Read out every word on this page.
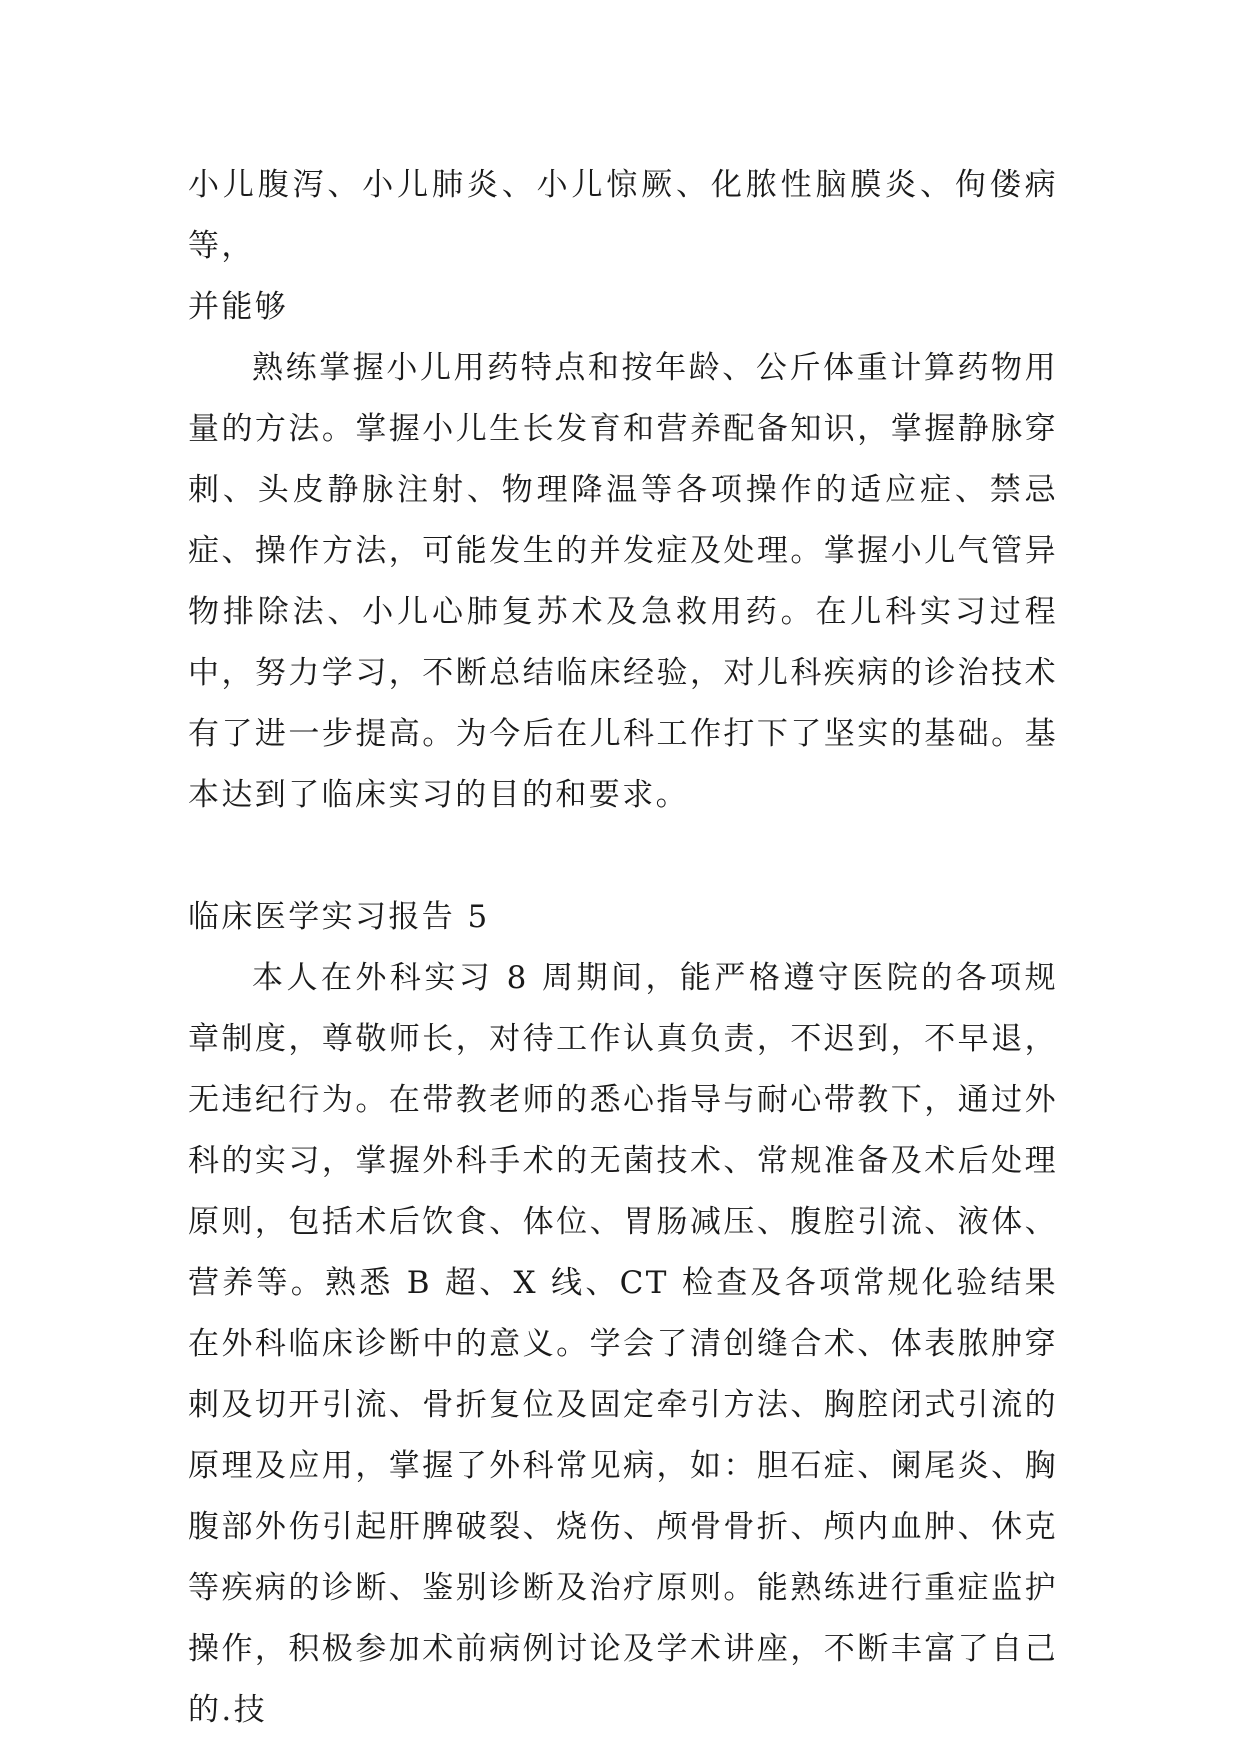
小儿腹泻、小儿肺炎、小儿惊厥、化脓性脑膜炎、佝偻病等，

并能够

熟练掌握小儿用药特点和按年龄、公斤体重计算药物用量的方法。掌握小儿生长发育和营养配备知识，掌握静脉穿刺、头皮静脉注射、物理降温等各项操作的适应症、禁忌症、操作方法，可能发生的并发症及处理。掌握小儿气管异物排除法、小儿心肺复苏术及急救用药。在儿科实习过程中，努力学习，不断总结临床经验，对儿科疾病的诊治技术有了进一步提高。为今后在儿科工作打下了坚实的基础。基本达到了临床实习的目的和要求。

临床医学实习报告 5

本人在外科实习 8 周期间，能严格遵守医院的各项规章制度，尊敬师长，对待工作认真负责，不迟到，不早退，无违纪行为。在带教老师的悉心指导与耐心带教下，通过外科的实习，掌握外科手术的无菌技术、常规准备及术后处理原则，包括术后饮食、体位、胃肠减压、腹腔引流、液体、营养等。熟悉 B 超、X 线、CT 检查及各项常规化验结果在外科临床诊断中的意义。学会了清创缝合术、体表脓肿穿刺及切开引流、骨折复位及固定牵引方法、胸腔闭式引流的原理及应用，掌握了外科常见病，如：胆石症、阑尾炎、胸腹部外伤引起肝脾破裂、烧伤、颅骨骨折、颅内血肿、休克等疾病的诊断、鉴别诊断及治疗原则。能熟练进行重症监护操作，积极参加术前病例讨论及学术讲座，不断丰富了自己的.技
